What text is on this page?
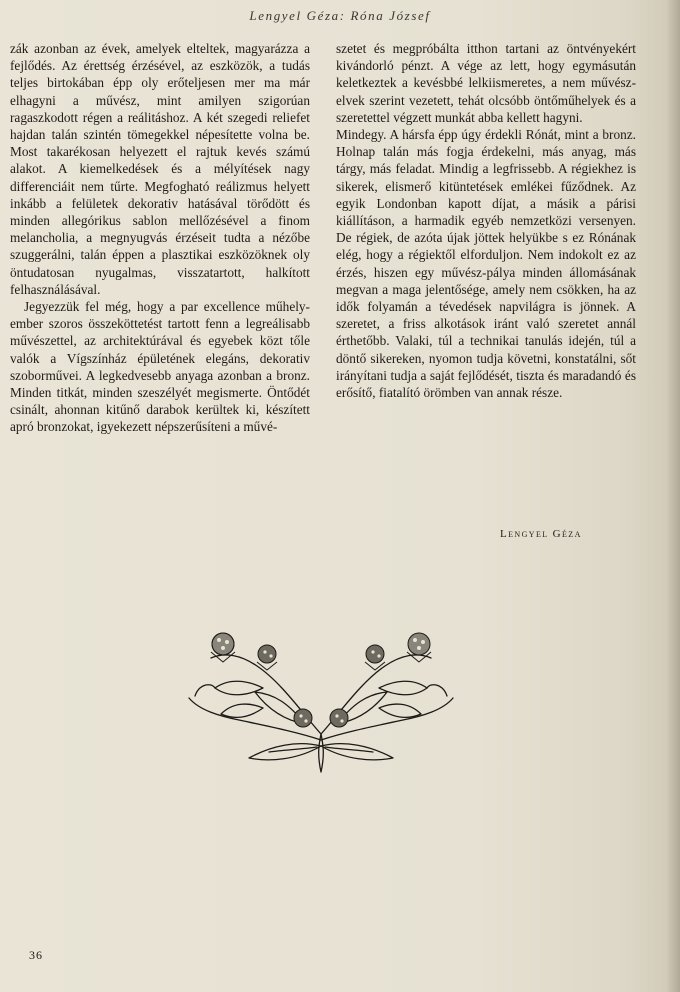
Lengyel Géza: Róna József

zák azonban az évek, amelyek elteltek, magyarázza a fejlődés. Az érettség érzésével, az eszközök, a tudás teljes birtokában épp oly erőteljesen mer ma már elhagyni a művész, mint amilyen szigorúan ragaszkodott régen a reálitáshoz. A két szegedi reliefet hajdan talán szintén tömegekkel népesítette volna be. Most takarékosan helyezett el rajtuk kevés számú alakot. A kiemelkedések és a mélyítések nagy differenciáit nem tűrte. Megfogható reálizmus helyett inkább a felületek dekorativ hatásával törődött és minden allegórikus sablon mellőzésével a finom melancholia, a megnyugvás érzéseit tudta a nézőbe szuggerálni, talán éppen a plasztikai eszközöknek oly öntudatosan nyugalmas, visszatartott, halkított felhasználásával.

Jegyezzük fel még, hogy a par excellence műhely-ember szoros összeköttetést tartott fenn a legreálisabb művészettel, az architektúrával és egyebek közt tőle valók a Vígszínház épületének elegáns, dekorativ szoborművei. A legkedvesebb anyaga azonban a bronz. Minden titkát, minden szeszélyét megismerte. Öntődét csinált, ahonnan kitűnő darabok kerültek ki, készített apró bronzokat, igyekezett népszerűsíteni a művé-

szetet és megpróbálta itthon tartani az öntvényekért kivándorló pénzt. A vége az lett, hogy egymásután keletkeztek a kevésbbé lelkiismeretes, a nem művész-elvek szerint vezetett, tehát olcsóbb öntőműhelyek és a szeretettel végzett munkát abba kellett hagyni.

Mindegy. A hársfa épp úgy érdekli Rónát, mint a bronz. Holnap talán más fogja érdekelni, más anyag, más tárgy, más feladat. Mindig a legfrissebb. A régiekhez is sikerek, elismerő kitüntetések emlékei fűződnek. Az egyik Londonban kapott díjat, a másik a párisi kiállításon, a harmadik egyéb nemzetközi versenyen. De régiek, de azóta újak jöttek helyükbe s ez Rónának elég, hogy a régiektől elforduljon. Nem indokolt ez az érzés, hiszen egy művész-pálya minden állomásának megvan a maga jelentősége, amely nem csökken, ha az idők folyamán a tévedések napvilágra is jönnek. A szeretet, a friss alkotások iránt való szeretet annál érthetőbb. Valaki, túl a technikai tanulás idején, túl a döntő sikereken, nyomon tudja követni, konstatálni, sőt irányítani tudja a saját fejlődését, tiszta és maradandó és erősítő, fiatalító örömben van annak része.

Lengyel Géza
36
